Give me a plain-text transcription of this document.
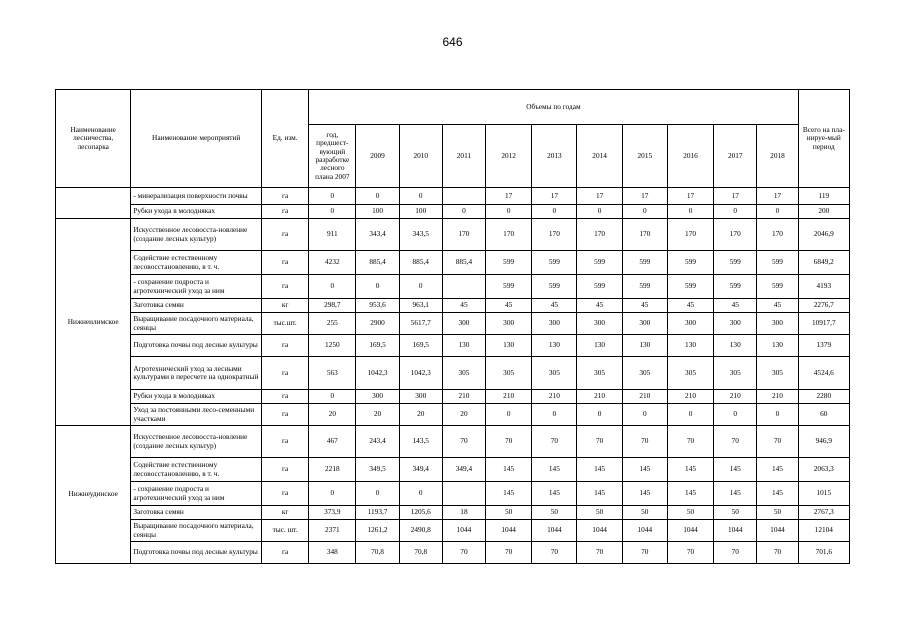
646
Наименование лесничества, лесопарка	Наименование мероприятий	Ед. изм.	Объемы по годам											Всего на пла-нируе-мый период
			год, предшест-вующий разработке лесного плана 2007	2009	2010	2011	2012	2013	2014	2015	2016	2017	2018	
	- минерализация поверхности почвы	га	0	0	0		17	17	17	17	17	17	17	119
	Рубки ухода в молодняках	га	0	100	100	0	0	0	0	0	0	0	0	200
Нижнеилимское	Искусственное лесовосста-новление (создание лесных культур)	га	911	343,4	343,5	170	170	170	170	170	170	170	170	2046,9
	Содействие естественному лесовосстановлению, в т. ч.	га	4232	885,4	885,4	885,4	599	599	599	599	599	599	599	6849,2
	- сохранение подроста и агротехнический уход за ним	га	0	0	0		599	599	599	599	599	599	599	4193
	Заготовка семян	кг	298,7	953,6	963,1	45	45	45	45	45	45	45	45	2276,7
	Выращивание посадочного материала, сеянцы	тыс.шт.	255	2900	5617,7	300	300	300	300	300	300	300	300	10917,7
	Подготовка почвы под лесные культуры	га	1250	169,5	169,5	130	130	130	130	130	130	130	130	1379
	Агротехнический уход за лесными культурами в пересчете на однократный	га	563	1042,3	1042,3	305	305	305	305	305	305	305	305	4524,6
	Рубки ухода в молодняках	га	0	300	300	210	210	210	210	210	210	210	210	2280
	Уход за постоянными лесо-семенными участками	га	20	20	20	20	0	0	0	0	0	0	0	60
Нижнеудинское	Искусственное лесовосста-новление (создание лесных культур)	га	467	243,4	143,5	70	70	70	70	70	70	70	70	946,9
	Содействие естественному лесовосстановлению, в т. ч.	га	2218	349,5	349,4	349,4	145	145	145	145	145	145	145	2063,3
	- сохранение подроста и агротехнический уход за ним	га	0	0	0		145	145	145	145	145	145	145	1015
	Заготовка семян	кг	373,9	1193,7	1205,6	18	50	50	50	50	50	50	50	2767,3
	Выращивание посадочного материала, сеянцы	тыс. шт.	2371	1261,2	2490,8	1044	1044	1044	1044	1044	1044	1044	1044	12104
	Подготовка почвы под лесные культуры	га	348	70,8	70,8	70	70	70	70	70	70	70	70	701,6
